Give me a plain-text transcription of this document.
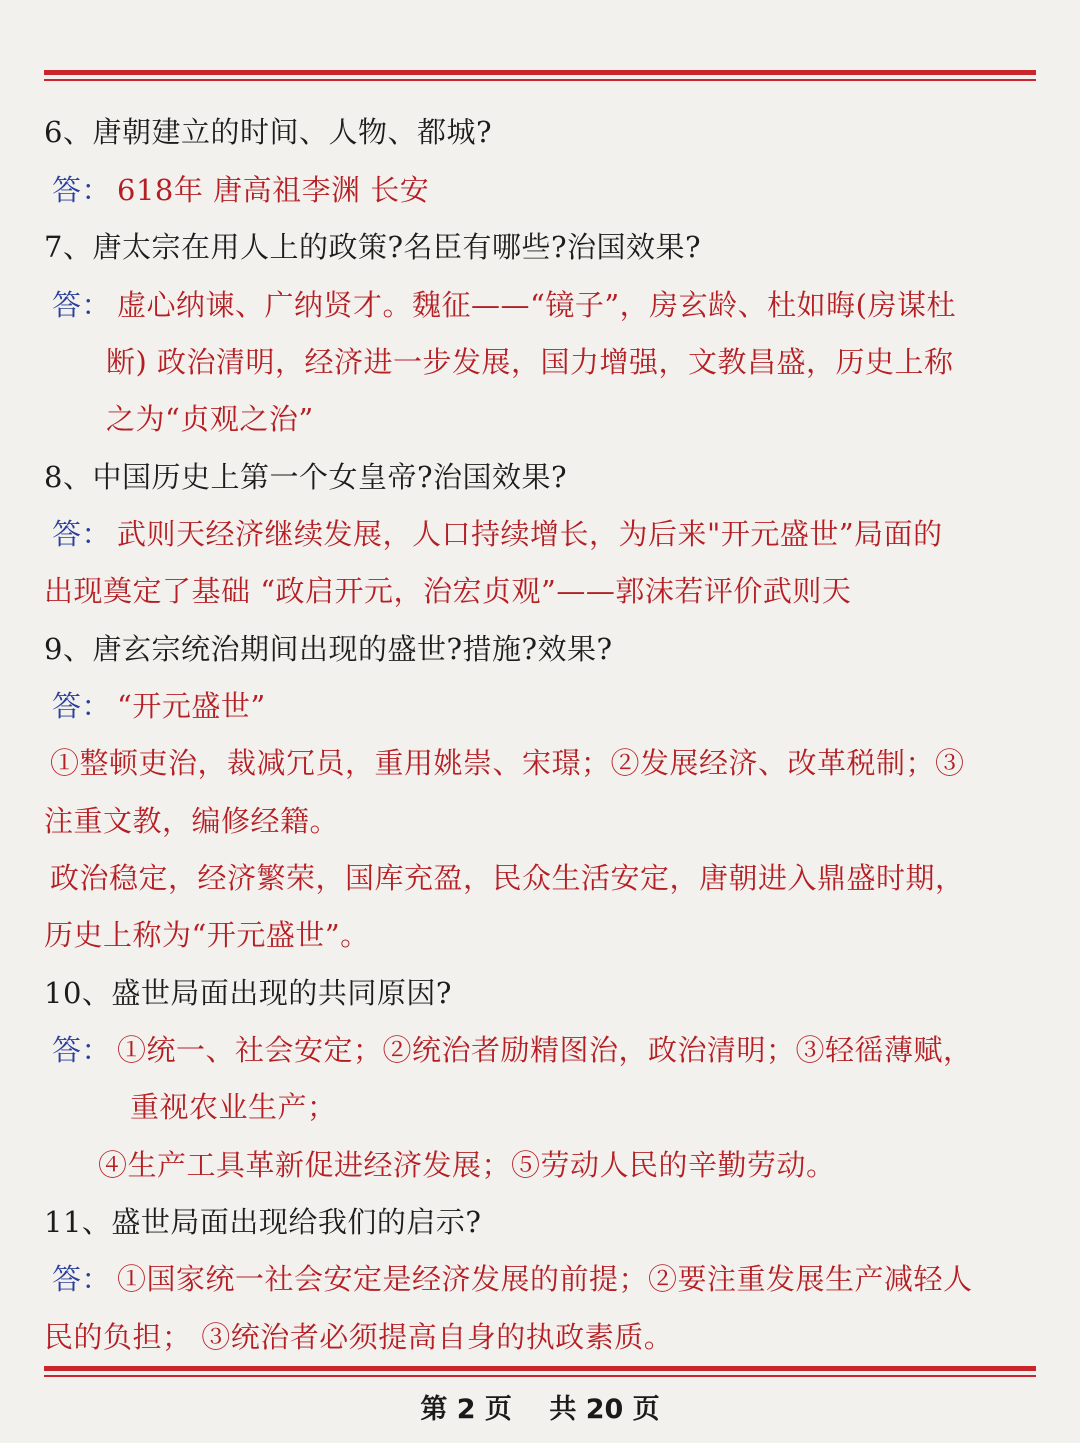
6、唐朝建立的时间、人物、都城?
答： 618年 唐高祖李渊 长安
7、唐太宗在用人上的政策?名臣有哪些?治国效果?
答： 虚心纳谏、广纳贤才。魏征——“镜子”，房玄龄、杜如晦(房谋杜
断) 政治清明，经济进一步发展，国力增强，文教昌盛，历史上称
之为“贞观之治”
8、中国历史上第一个女皇帝?治国效果?
答： 武则天经济继续发展，人口持续增长，为后来"开元盛世”局面的
出现奠定了基础 “政启开元，治宏贞观”——郭沫若评价武则天
9、唐玄宗统治期间出现的盛世?措施?效果?
答： “开元盛世”
①整顿吏治，裁减冗员，重用姚崇、宋璟；②发展经济、改革税制；③
注重文教，编修经籍。
政治稳定，经济繁荣，国库充盈，民众生活安定，唐朝进入鼎盛时期，
历史上称为“开元盛世”。
10、盛世局面出现的共同原因?
答： ①统一、社会安定；②统治者励精图治，政治清明；③轻徭薄赋，
重视农业生产；
④生产工具革新促进经济发展；⑤劳动人民的辛勤劳动。
11、盛世局面出现给我们的启示?
答： ①国家统一社会安定是经济发展的前提；②要注重发展生产减轻人
民的负担； ③统治者必须提高自身的执政素质。
第 2 页 共 20 页
